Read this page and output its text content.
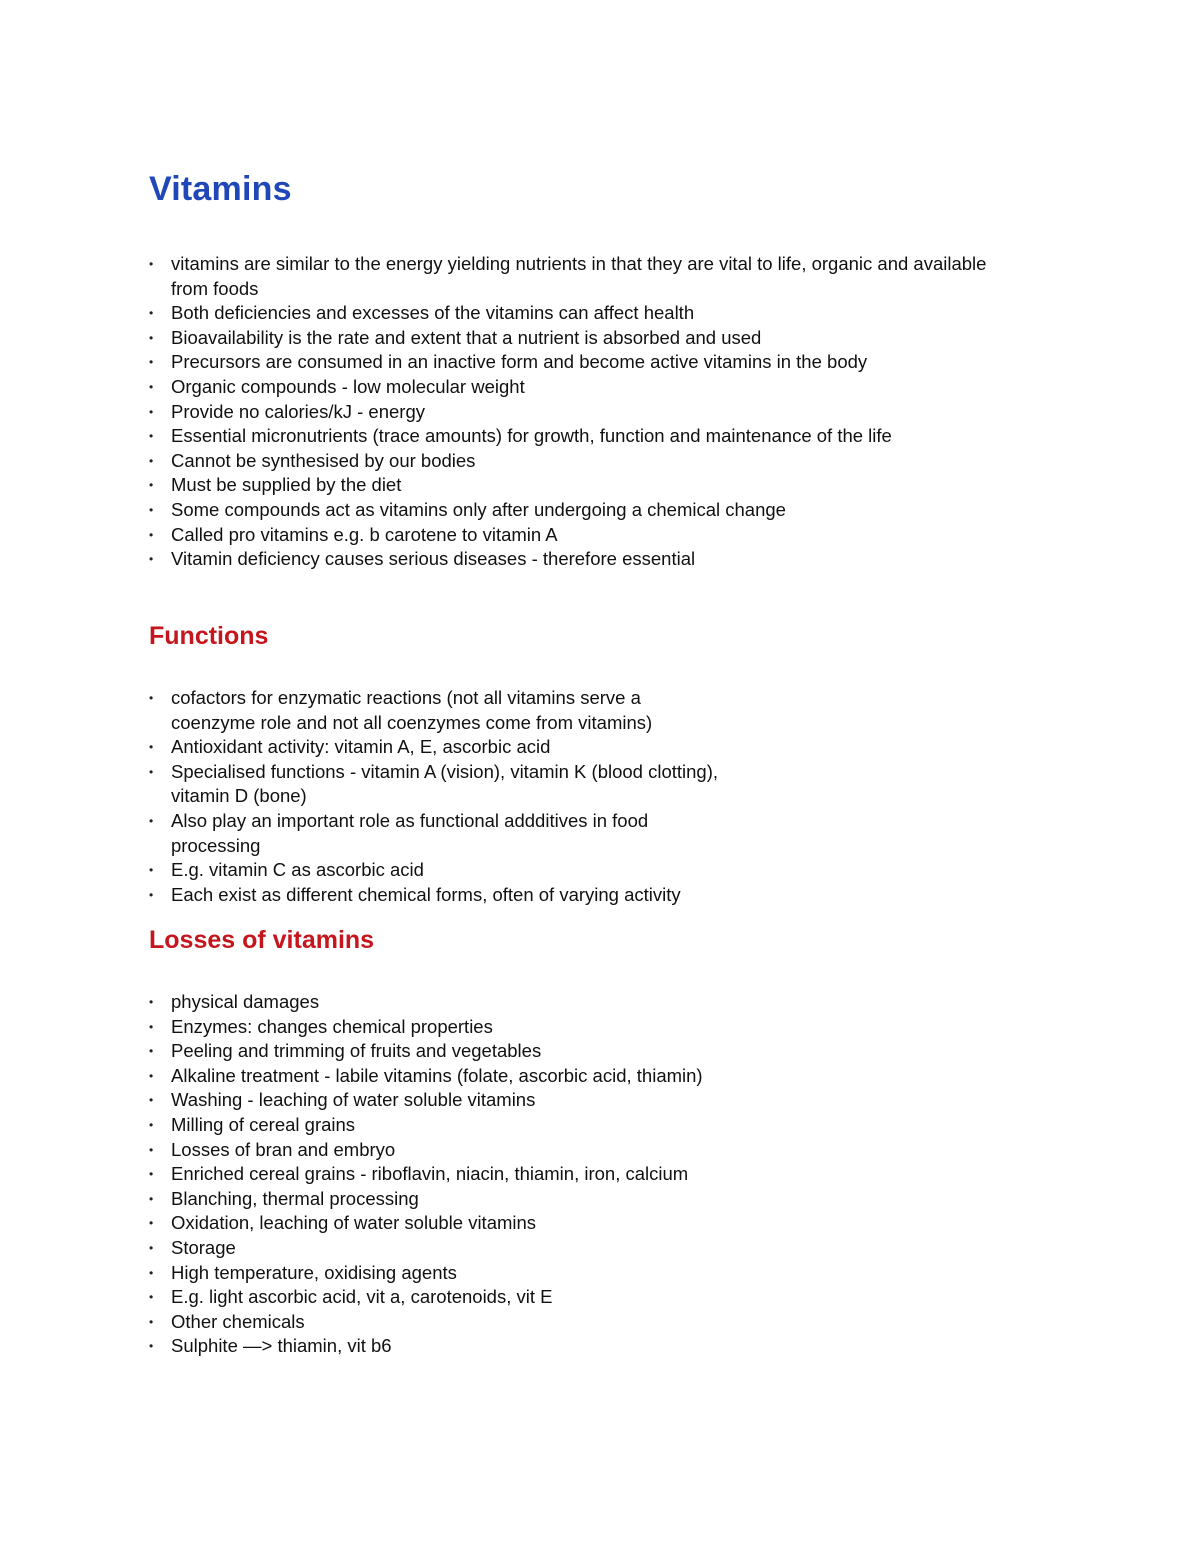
Vitamins
• vitamins are similar to the energy yielding nutrients in that they are vital to life, organic and available from foods
• Both deficiencies and excesses of the vitamins can affect health
• Bioavailability is the rate and extent that a nutrient is absorbed and used
• Precursors are consumed in an inactive form and become active vitamins in the body
• Organic compounds - low molecular weight
• Provide no calories/kJ - energy
• Essential micronutrients (trace amounts) for growth, function and maintenance of the life
• Cannot be synthesised by our bodies
• Must be supplied by the diet
• Some compounds act as vitamins only after undergoing a chemical change
• Called pro vitamins e.g. b carotene to vitamin A
• Vitamin deficiency causes serious diseases - therefore essential
Functions
• cofactors for enzymatic reactions (not all vitamins serve a coenzyme role and not all coenzymes come from vitamins)
• Antioxidant activity: vitamin A, E, ascorbic acid
• Specialised functions - vitamin A (vision), vitamin K (blood clotting), vitamin D (bone)
• Also play an important role as functional addditives in food processing
• E.g. vitamin C as ascorbic acid
• Each exist as different chemical forms, often of varying activity
Losses of vitamins
• physical damages
• Enzymes: changes chemical properties
• Peeling and trimming of fruits and vegetables
• Alkaline treatment - labile vitamins (folate, ascorbic acid, thiamin)
• Washing - leaching of water soluble vitamins
• Milling of cereal grains
• Losses of bran and embryo
• Enriched cereal grains - riboflavin, niacin, thiamin, iron, calcium
• Blanching, thermal processing
• Oxidation, leaching of water soluble vitamins
• Storage
• High temperature, oxidising agents
• E.g. light ascorbic acid, vit a, carotenoids, vit E
• Other chemicals
• Sulphite —> thiamin, vit b6
